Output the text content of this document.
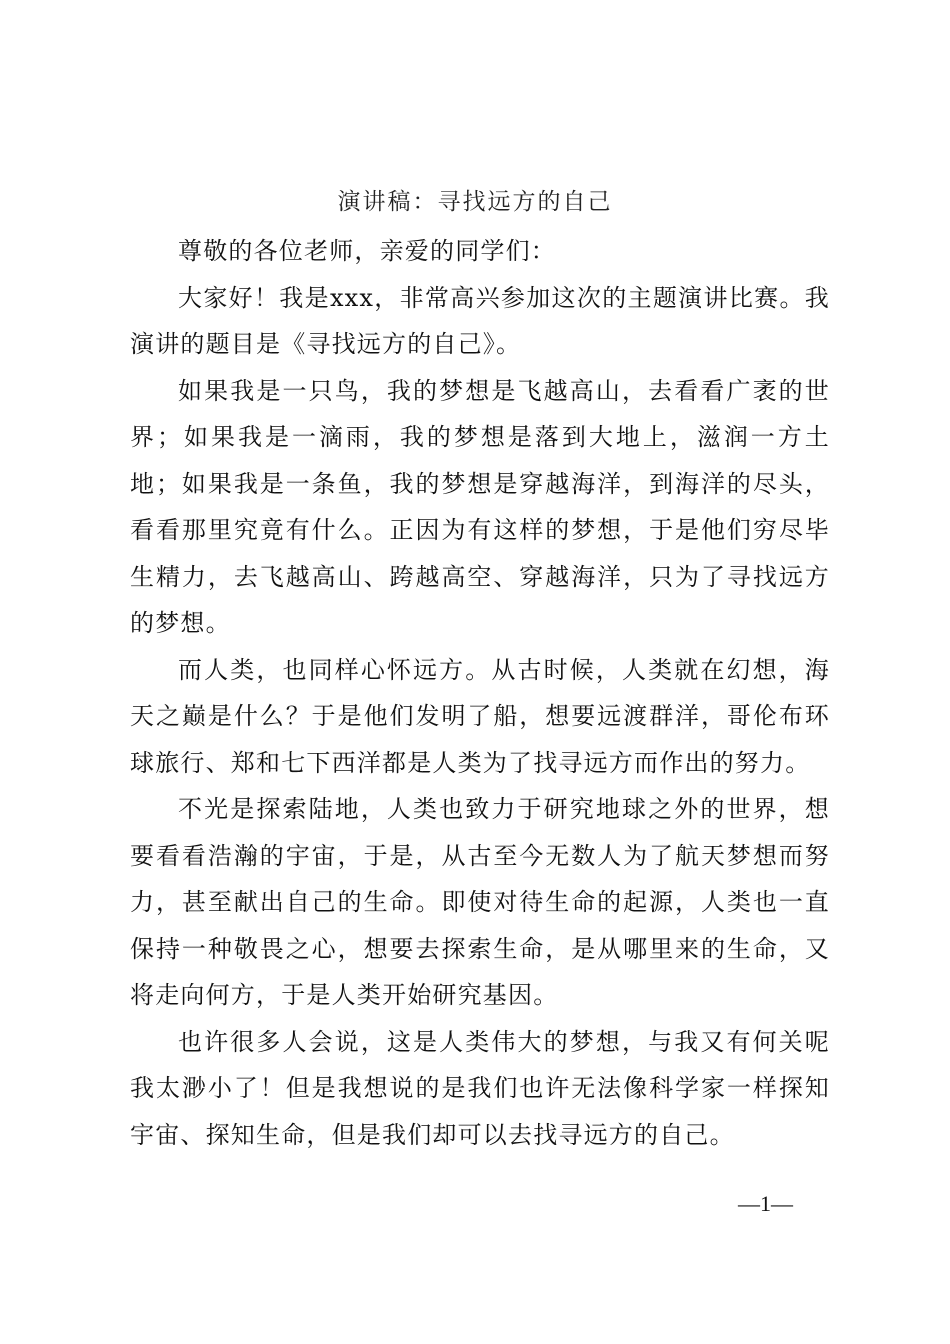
演讲稿：寻找远方的自己

尊敬的各位老师，亲爱的同学们：

大家好！我是xxx，非常高兴参加这次的主题演讲比赛。我演讲的题目是《寻找远方的自己》。

如果我是一只鸟，我的梦想是飞越高山，去看看广袤的世界；如果我是一滴雨，我的梦想是落到大地上，滋润一方土地；如果我是一条鱼，我的梦想是穿越海洋，到海洋的尽头，看看那里究竟有什么。正因为有这样的梦想，于是他们穷尽毕生精力，去飞越高山、跨越高空、穿越海洋，只为了寻找远方的梦想。

而人类，也同样心怀远方。从古时候，人类就在幻想，海天之巅是什么？于是他们发明了船，想要远渡群洋，哥伦布环球旅行、郑和七下西洋都是人类为了找寻远方而作出的努力。

不光是探索陆地，人类也致力于研究地球之外的世界，想要看看浩瀚的宇宙，于是，从古至今无数人为了航天梦想而努力，甚至献出自己的生命。即使对待生命的起源，人类也一直保持一种敬畏之心，想要去探索生命，是从哪里来的生命，又将走向何方，于是人类开始研究基因。

也许很多人会说，这是人类伟大的梦想，与我又有何关呢我太渺小了！但是我想说的是我们也许无法像科学家一样探知宇宙、探知生命，但是我们却可以去找寻远方的自己。

—1—
